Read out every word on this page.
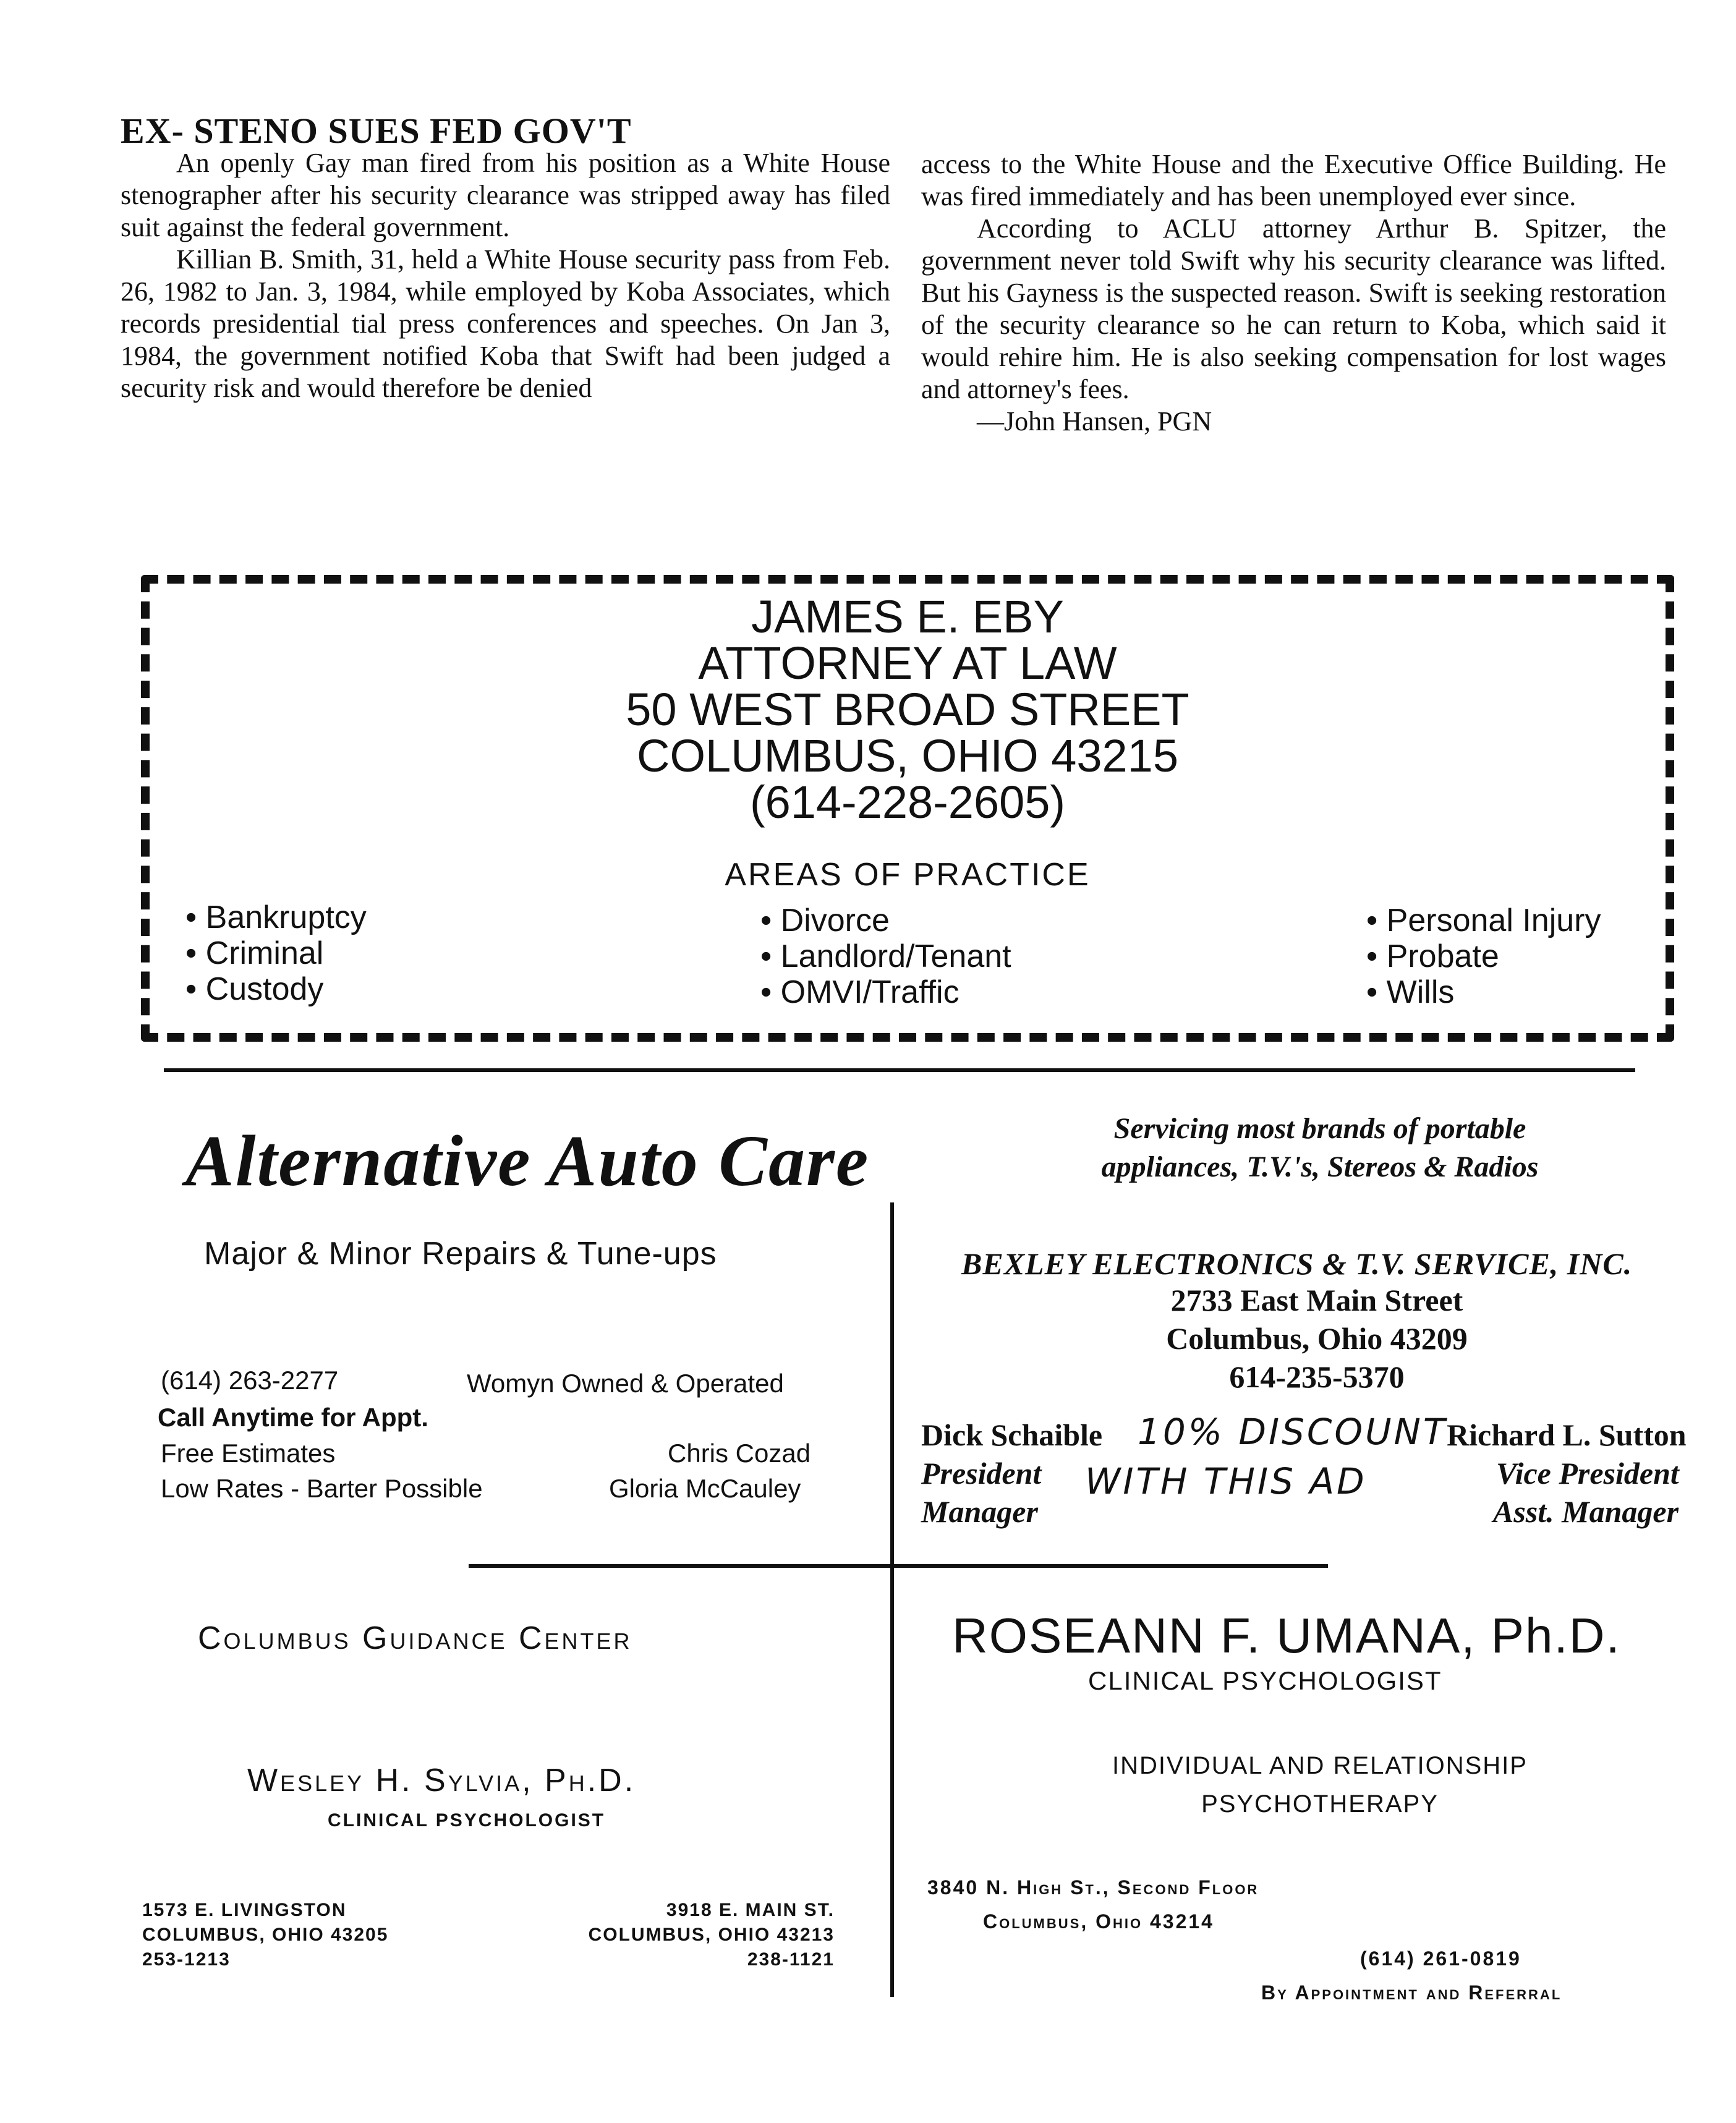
EX- STENO SUES FED GOV'T

An openly Gay man fired from his position as a White House stenographer after his security clearance was stripped away has filed suit against the federal government.

Killian B. Smith, 31, held a White House security pass from Feb. 26, 1982 to Jan. 3, 1984, while employed by Koba Associates, which records presidential tial press conferences and speeches. On Jan 3, 1984, the government notified Koba that Swift had been judged a security risk and would therefore be denied

access to the White House and the Executive Office Building. He was fired immediately and has been unemployed ever since.

According to ACLU attorney Arthur B. Spitzer, the government never told Swift why his security clearance was lifted. But his Gayness is the suspected reason. Swift is seeking restoration of the security clearance so he can return to Koba, which said it would rehire him. He is also seeking compensation for lost wages and attorney's fees.

—John Hansen, PGN

JAMES E. EBY
ATTORNEY AT LAW
50 WEST BROAD STREET
COLUMBUS, OHIO 43215
(614-228-2605)
AREAS OF PRACTICE
• Bankruptcy
• Criminal
• Custody
• Divorce
• Landlord/Tenant
• OMVI/Traffic
• Personal Injury
• Probate
• Wills
Alternative Auto Care
Major & Minor Repairs & Tune-ups
(614) 263-2277	Womyn Owned & Operated
Call Anytime for Appt.
Free Estimates	Chris Cozad
Low Rates - Barter Possible	Gloria McCauley
Servicing most brands of portable
appliances, T.V.'s, Stereos & Radios
BEXLEY ELECTRONICS & T.V. SERVICE, INC.
2733 East Main Street
Columbus, Ohio 43209
614-235-5370
Dick Schaible
President
Manager
Richard L. Sutton
Vice President
Asst. Manager
10% DISCOUNT
WITH THIS AD
Columbus Guidance Center
Wesley H. Sylvia, Ph.D.
CLINICAL PSYCHOLOGIST
1573 E. LIVINGSTON
COLUMBUS, OHIO 43205
253-1213
3918 E. MAIN ST.
COLUMBUS, OHIO 43213
238-1121
ROSEANN F. UMANA, Ph.D.
CLINICAL PSYCHOLOGIST
INDIVIDUAL AND RELATIONSHIP
PSYCHOTHERAPY
3840 N. High St., Second Floor
Columbus, Ohio 43214
(614) 261-0819
By Appointment and Referral
